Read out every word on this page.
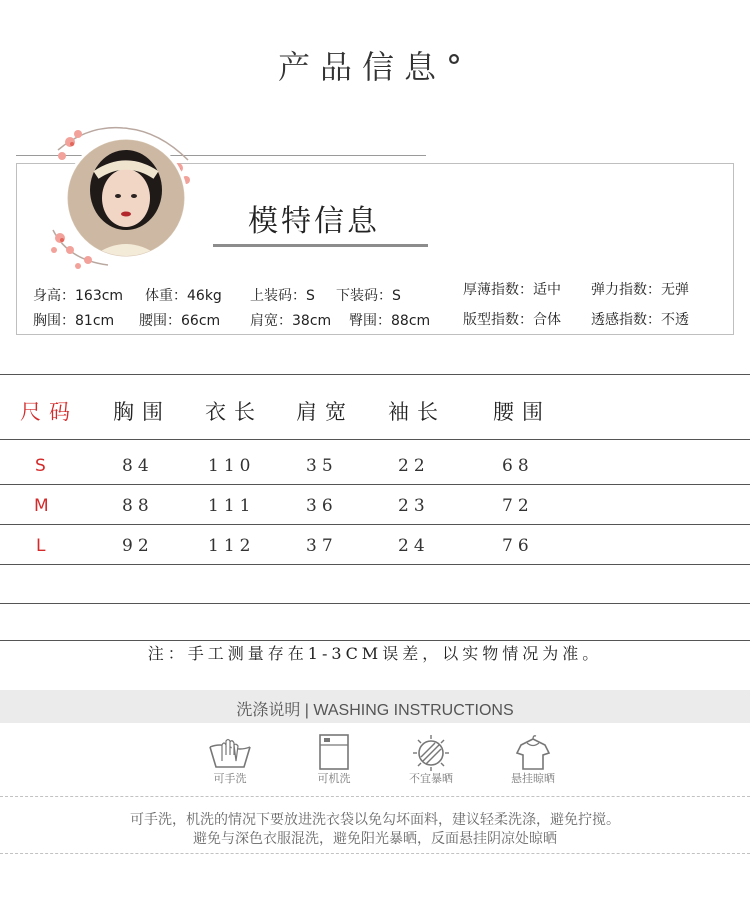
产品信息°
模特信息
身高：163cm 体重：46kg 上装码：S 下装码：S	厚薄指数：适中 弹力指数：无弹
胸围：81cm 腰围：66cm 肩宽：38cm 臀围：88cm 版型指数：合体 透感指数：不透
尺码 胸围 衣长 肩宽 袖长 腰围
S	84	110	35	22	68
M	88	111	36	23	72
L	92	112	37	24	76
注：手工测量存在1-3CM误差，以实物情况为准。
洗涤说明 | WASHING INSTRUCTIONS
可手洗	可机洗	不宜暴晒	悬挂晾晒
可手洗，机洗的情况下要放进洗衣袋以免勾坏面料，建议轻柔洗涤，避免拧搅。
避免与深色衣服混洗，避免阳光暴晒，反面悬挂阴凉处晾晒
